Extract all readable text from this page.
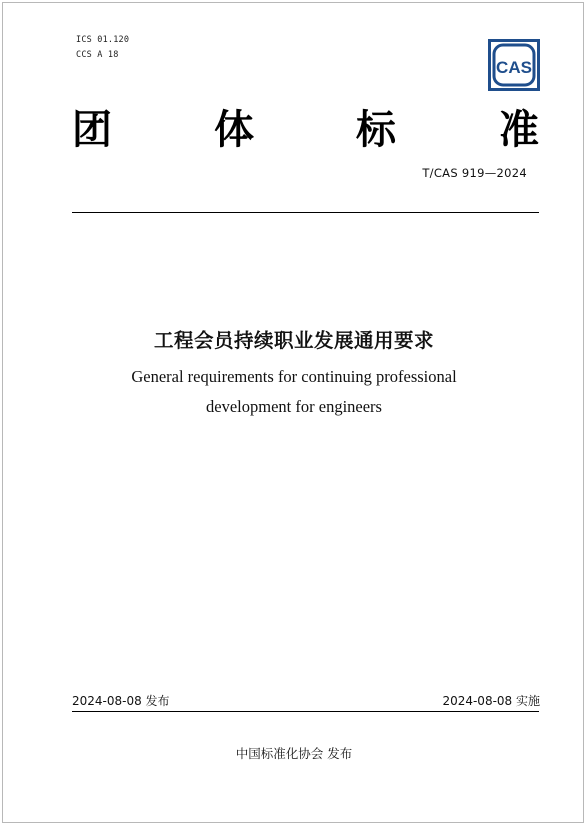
ICS 01.120
CCS A 18
CAS
团	体	标	准
T/CAS 919—2024
工程会员持续职业发展通用要求
General requirements for continuing professional
development for engineers
2024-08-08 发布	2024-08-08 实施
中国标准化协会 发布
